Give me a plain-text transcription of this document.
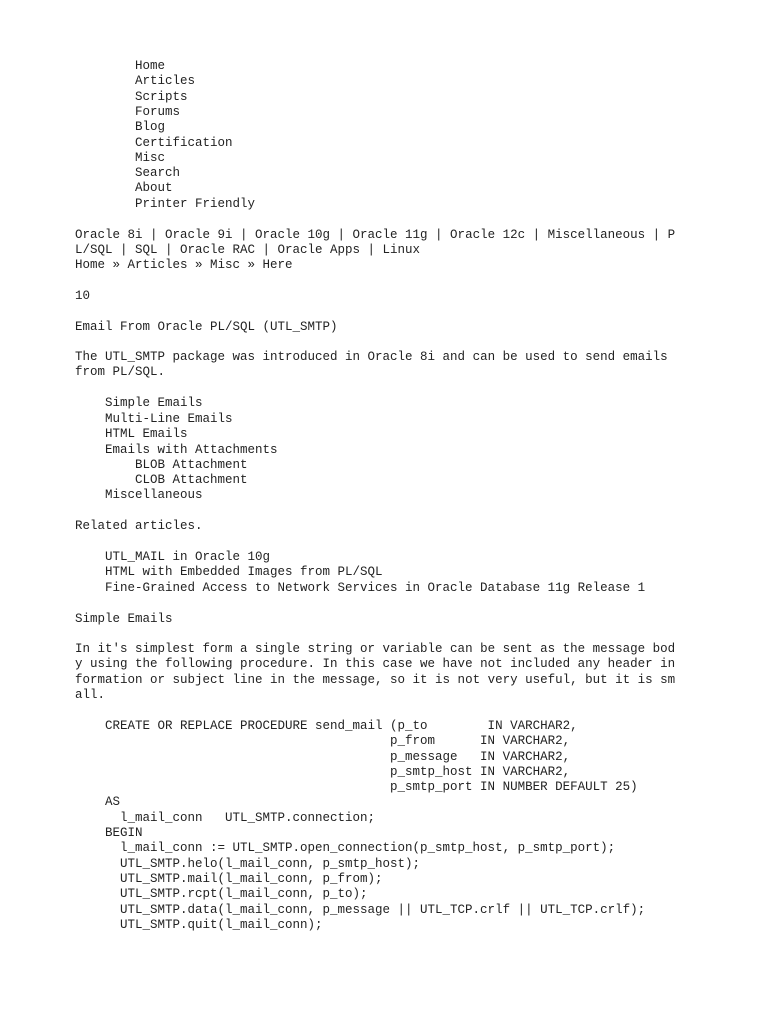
Home
Articles
Scripts
Forums
Blog
Certification
Misc
Search
About
Printer Friendly
Oracle 8i | Oracle 9i | Oracle 10g | Oracle 11g | Oracle 12c | Miscellaneous | P
L/SQL | SQL | Oracle RAC | Oracle Apps | Linux
Home » Articles » Misc » Here
10
Email From Oracle PL/SQL (UTL_SMTP)
The UTL_SMTP package was introduced in Oracle 8i and can be used to send emails
from PL/SQL.
Simple Emails
Multi-Line Emails
HTML Emails
Emails with Attachments
BLOB Attachment
CLOB Attachment
Miscellaneous
Related articles.
UTL_MAIL in Oracle 10g
HTML with Embedded Images from PL/SQL
Fine-Grained Access to Network Services in Oracle Database 11g Release 1
Simple Emails
In it's simplest form a single string or variable can be sent as the message bod
y using the following procedure. In this case we have not included any header in
formation or subject line in the message, so it is not very useful, but it is sm
all.
CREATE OR REPLACE PROCEDURE send_mail (p_to        IN VARCHAR2,
p_from      IN VARCHAR2,
p_message   IN VARCHAR2,
p_smtp_host IN VARCHAR2,
p_smtp_port IN NUMBER DEFAULT 25)
AS
l_mail_conn   UTL_SMTP.connection;
BEGIN
l_mail_conn := UTL_SMTP.open_connection(p_smtp_host, p_smtp_port);
UTL_SMTP.helo(l_mail_conn, p_smtp_host);
UTL_SMTP.mail(l_mail_conn, p_from);
UTL_SMTP.rcpt(l_mail_conn, p_to);
UTL_SMTP.data(l_mail_conn, p_message || UTL_TCP.crlf || UTL_TCP.crlf);
UTL_SMTP.quit(l_mail_conn);
